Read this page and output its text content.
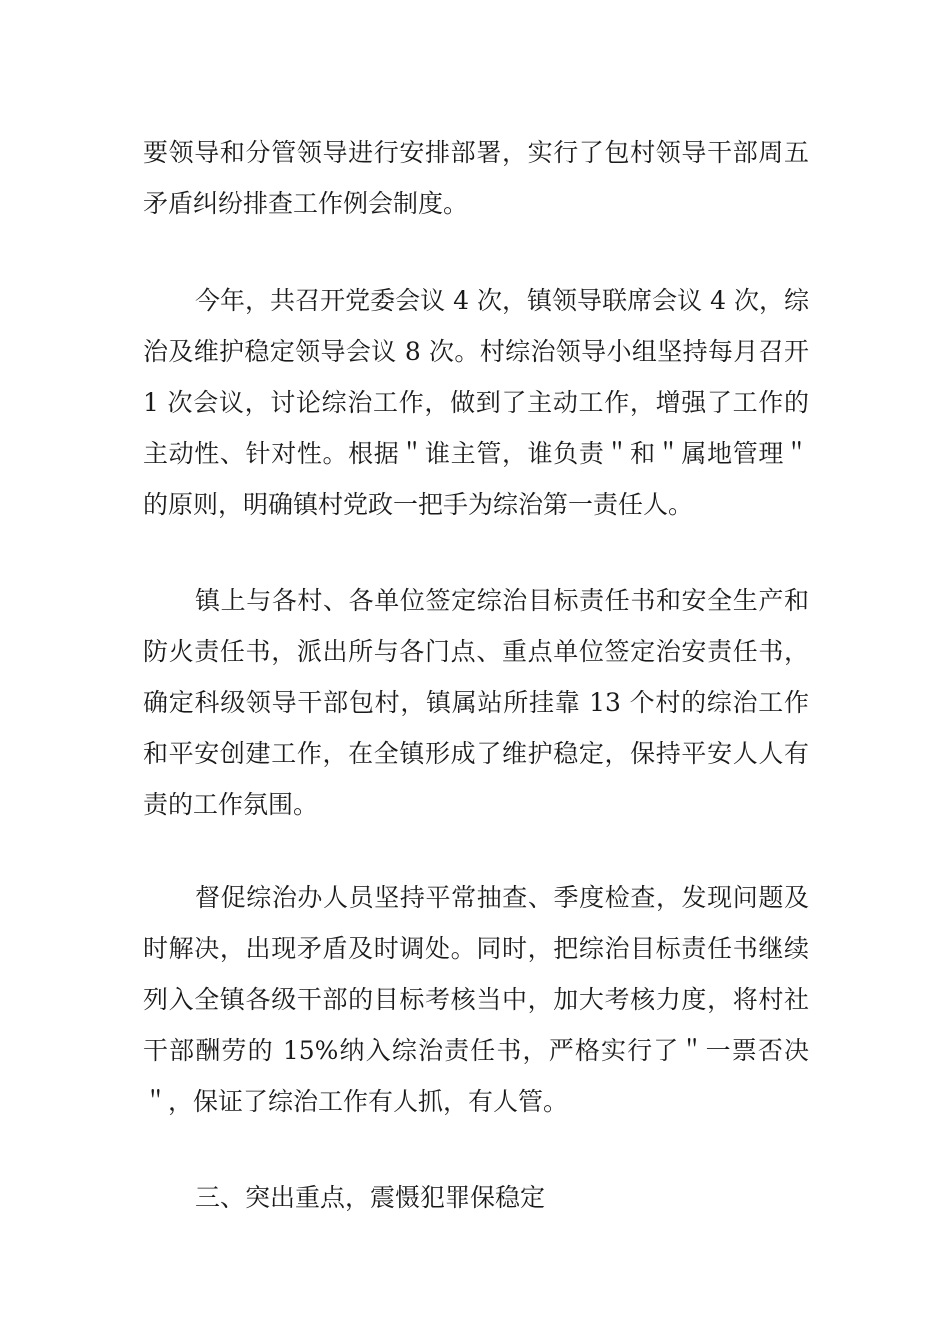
要领导和分管领导进行安排部署，实行了包村领导干部周五矛盾纠纷排查工作例会制度。

今年，共召开党委会议 4 次，镇领导联席会议 4 次，综治及维护稳定领导会议 8 次。村综治领导小组坚持每月召开 1 次会议，讨论综治工作，做到了主动工作，增强了工作的主动性、针对性。根据＂谁主管，谁负责＂和＂属地管理＂的原则，明确镇村党政一把手为综治第一责任人。

镇上与各村、各单位签定综治目标责任书和安全生产和防火责任书，派出所与各门点、重点单位签定治安责任书，确定科级领导干部包村，镇属站所挂靠 13 个村的综治工作和平安创建工作，在全镇形成了维护稳定，保持平安人人有责的工作氛围。

督促综治办人员坚持平常抽查、季度检查，发现问题及时解决，出现矛盾及时调处。同时，把综治目标责任书继续列入全镇各级干部的目标考核当中，加大考核力度，将村社干部酬劳的 15%纳入综治责任书，严格实行了＂一票否决＂，保证了综治工作有人抓，有人管。

三、突出重点，震慑犯罪保稳定
